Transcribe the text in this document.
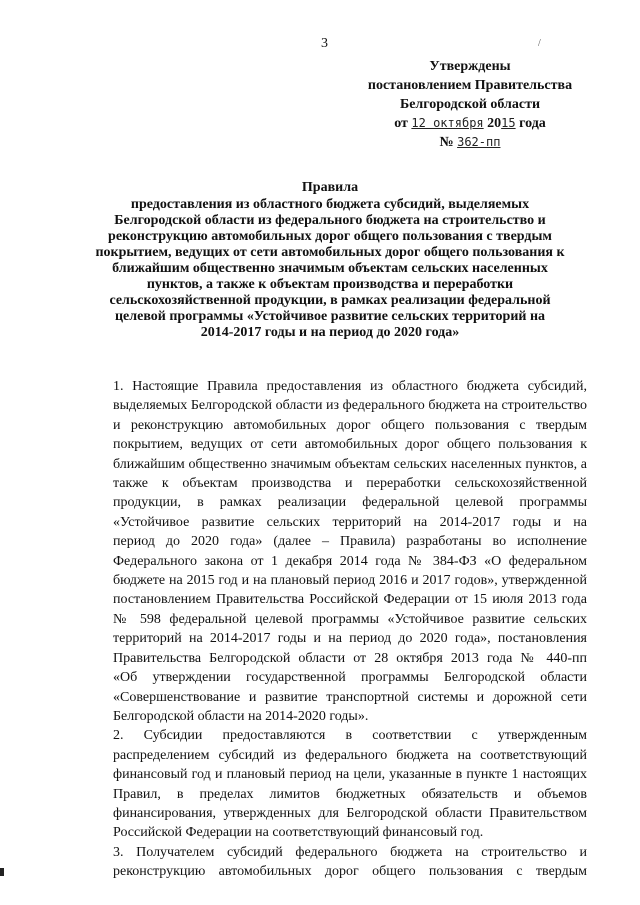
3	/
Утверждены
постановлением Правительства
Белгородской области
от 12 октября 2015 года
№ 362-пп
Правила
предоставления из областного бюджета субсидий, выделяемых
Белгородской области из федерального бюджета на строительство и
реконструкцию автомобильных дорог общего пользования с твердым
покрытием, ведущих от сети автомобильных дорог общего пользования к
ближайшим общественно значимым объектам сельских населенных
пунктов, а также к объектам производства и переработки
сельскохозяйственной продукции, в рамках реализации федеральной
целевой программы «Устойчивое развитие сельских территорий на
2014-2017 годы и на период до 2020 года»
1. Настоящие Правила предоставления из областного бюджета субсидий,
выделяемых Белгородской области из федерального бюджета на строительство
и реконструкцию автомобильных дорог общего пользования с твердым
покрытием, ведущих от сети автомобильных дорог общего пользования к
ближайшим общественно значимым объектам сельских населенных пунктов, а
также к объектам производства и переработки сельскохозяйственной
продукции, в рамках реализации федеральной целевой программы
«Устойчивое развитие сельских территорий на 2014-2017 годы и на
период до 2020 года» (далее – Правила) разработаны во исполнение
Федерального закона от 1 декабря 2014 года № 384-ФЗ «О федеральном
бюджете на 2015 год и на плановый период 2016 и 2017 годов», утвержденной
постановлением Правительства Российской Федерации от 15 июля 2013 года
№ 598 федеральной целевой программы «Устойчивое развитие сельских
территорий на 2014-2017 годы и на период до 2020 года», постановления
Правительства Белгородской области от 28 октября 2013 года № 440-пп
«Об утверждении государственной программы Белгородской области
«Совершенствование и развитие транспортной системы и дорожной сети
Белгородской области на 2014-2020 годы».
2. Субсидии предоставляются в соответствии с утвержденным
распределением субсидий из федерального бюджета на соответствующий
финансовый год и плановый период на цели, указанные в пункте 1 настоящих
Правил, в пределах лимитов бюджетных обязательств и объемов
финансирования, утвержденных для Белгородской области Правительством
Российской Федерации на соответствующий финансовый год.
3. Получателем субсидий федерального бюджета на строительство и
реконструкцию автомобильных дорог общего пользования с твердым
